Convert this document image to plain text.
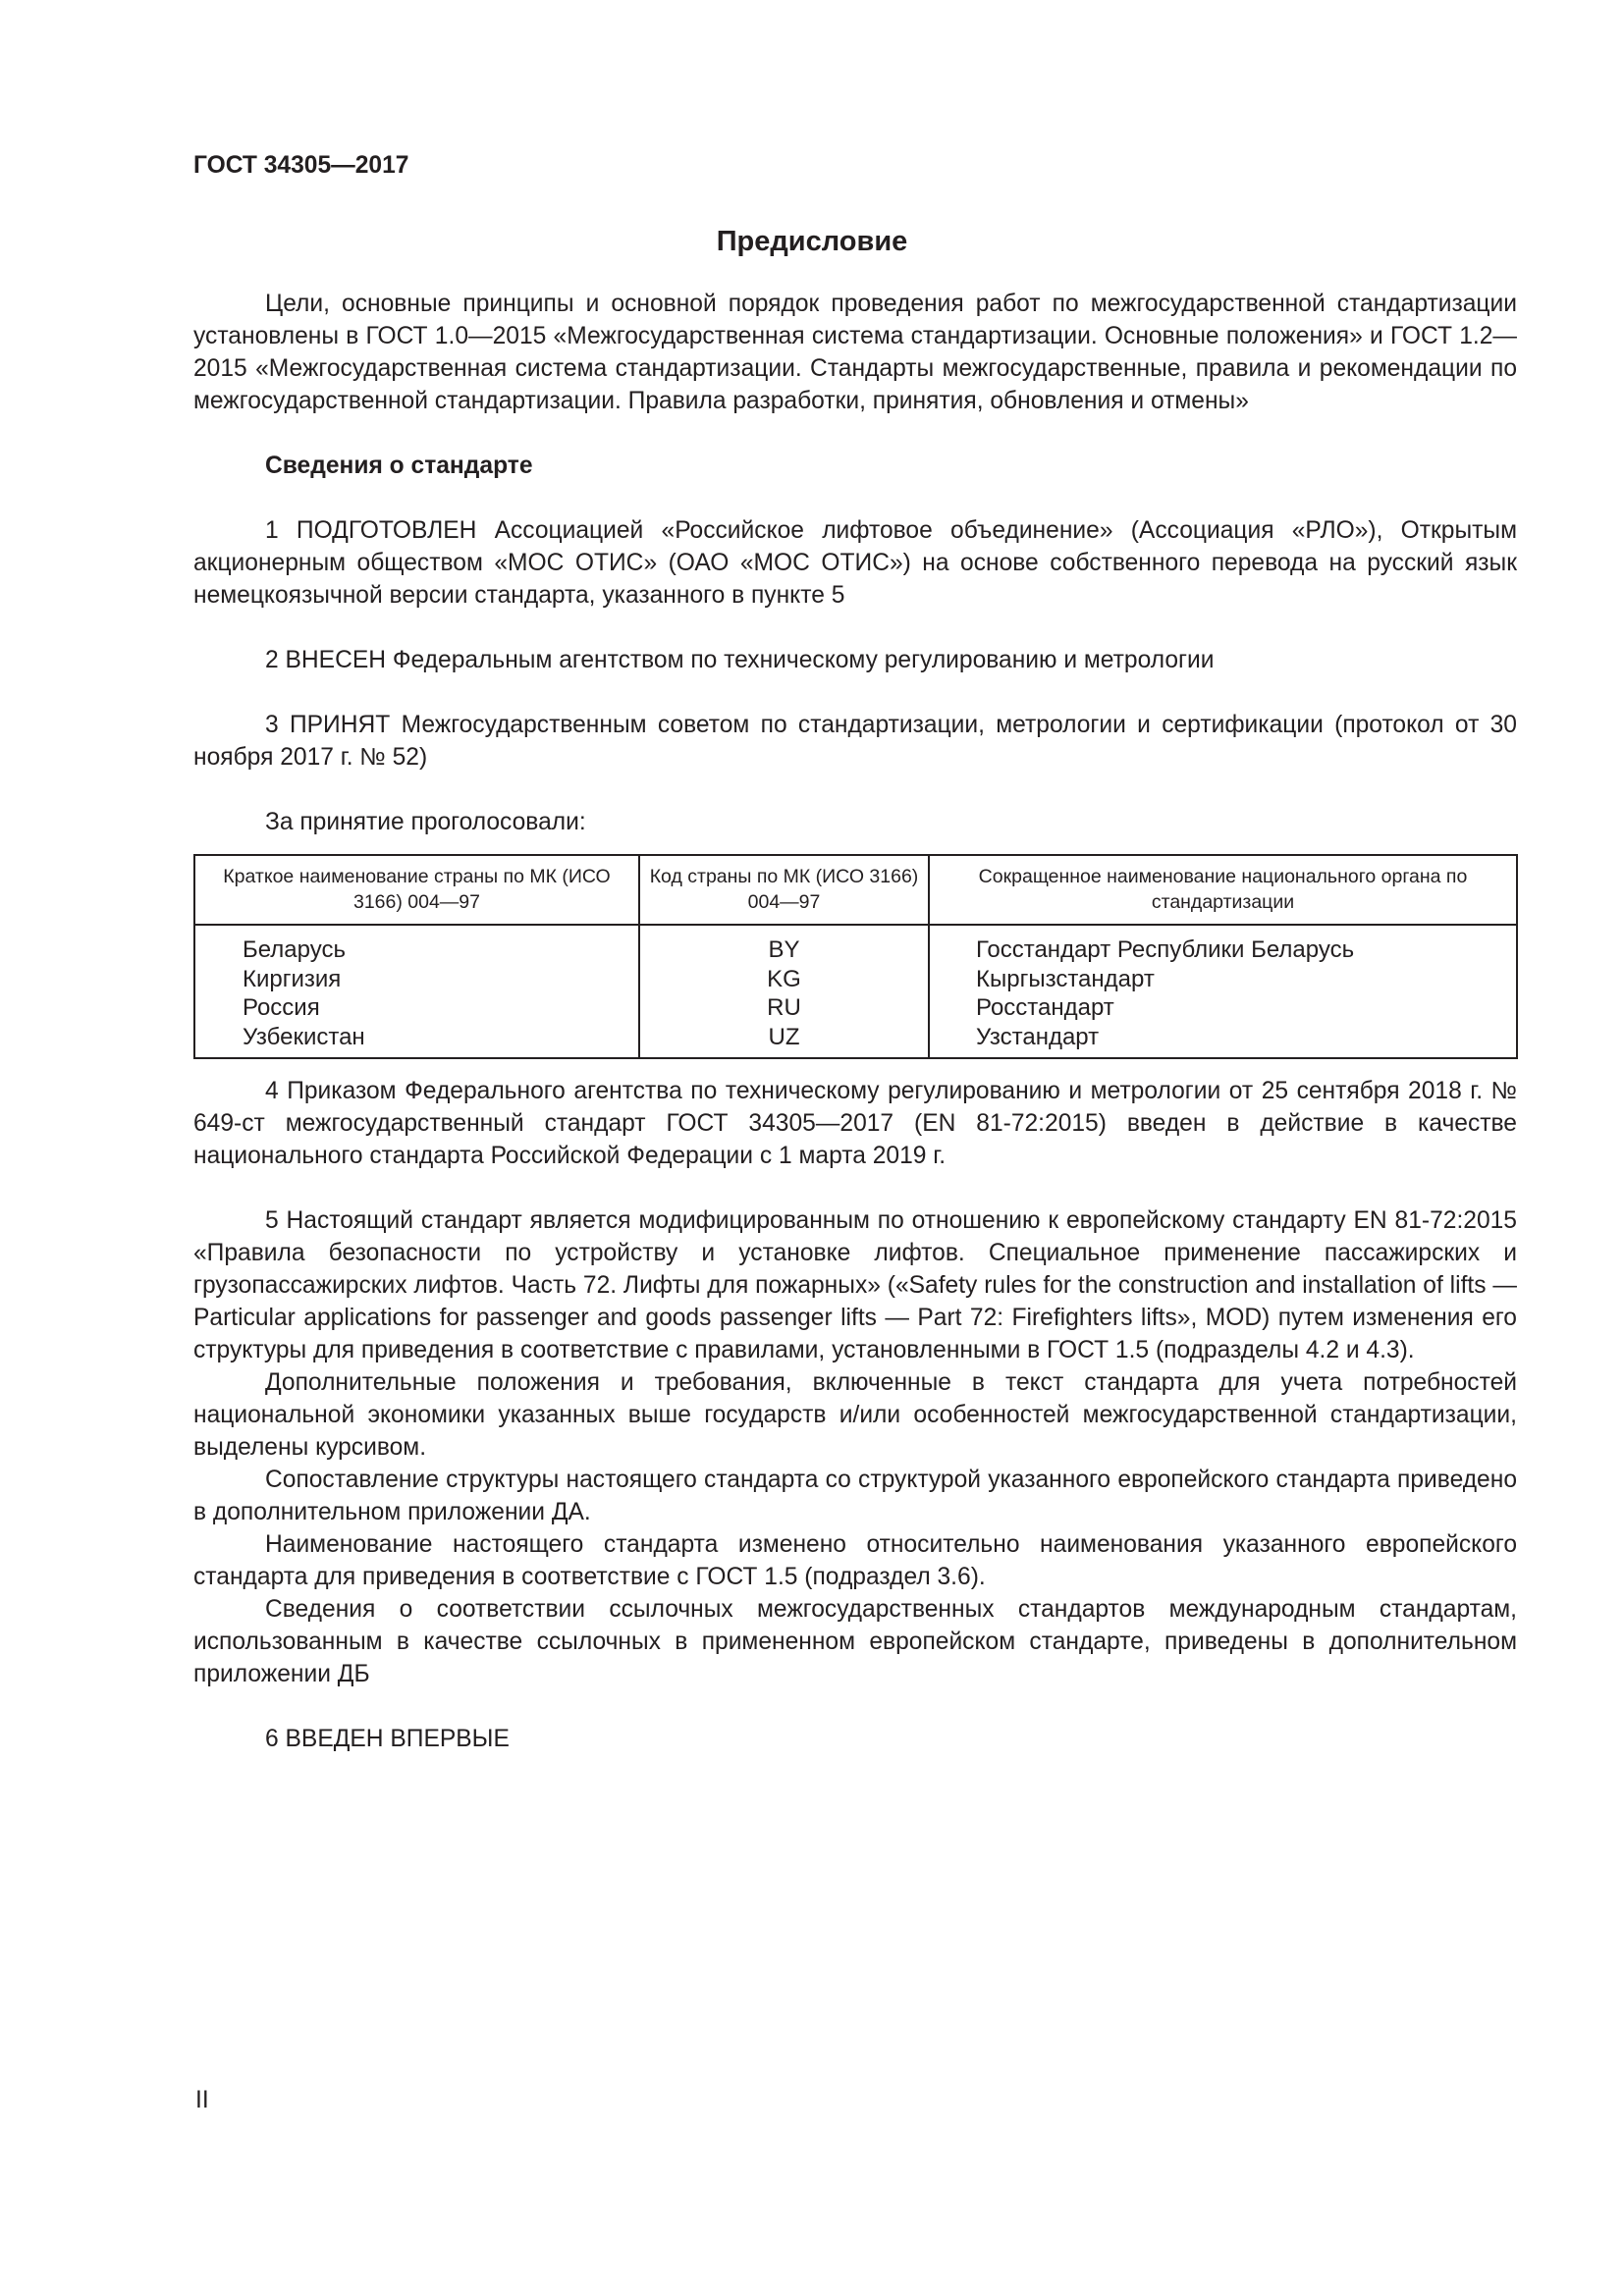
ГОСТ 34305—2017
Предисловие

Цели, основные принципы и основной порядок проведения работ по межгосударственной стандартизации установлены в ГОСТ 1.0—2015 «Межгосударственная система стандартизации. Основные положения» и ГОСТ 1.2—2015 «Межгосударственная система стандартизации. Стандарты межгосударственные, правила и рекомендации по межгосударственной стандартизации. Правила разработки, принятия, обновления и отмены»

Сведения о стандарте

1 ПОДГОТОВЛЕН Ассоциацией «Российское лифтовое объединение» (Ассоциация «РЛО»), Открытым акционерным обществом «МОС ОТИС» (ОАО «МОС ОТИС») на основе собственного перевода на русский язык немецкоязычной версии стандарта, указанного в пункте 5

2 ВНЕСЕН Федеральным агентством по техническому регулированию и метрологии

3 ПРИНЯТ Межгосударственным советом по стандартизации, метрологии и сертификации (протокол от 30 ноября 2017 г. № 52)

За принятие проголосовали:

Краткое наименование страны по МК (ИСО 3166) 004—97	Код страны по МК (ИСО 3166) 004—97	Сокращенное наименование национального органа по стандартизации
Беларусь	BY	Госстандарт Республики Беларусь
Киргизия	KG	Кыргызстандарт
Россия	RU	Росстандарт
Узбекистан	UZ	Узстандарт

4 Приказом Федерального агентства по техническому регулированию и метрологии от 25 сентября 2018 г. № 649-ст межгосударственный стандарт ГОСТ 34305—2017 (EN 81-72:2015) введен в действие в качестве национального стандарта Российской Федерации с 1 марта 2019 г.

5 Настоящий стандарт является модифицированным по отношению к европейскому стандарту EN 81-72:2015 «Правила безопасности по устройству и установке лифтов. Специальное применение пассажирских и грузопассажирских лифтов. Часть 72. Лифты для пожарных» («Safety rules for the construction and installation of lifts — Particular applications for passenger and goods passenger lifts — Part 72: Firefighters lifts», MOD) путем изменения его структуры для приведения в соответствие с правилами, установленными в ГОСТ 1.5 (подразделы 4.2 и 4.3).

Дополнительные положения и требования, включенные в текст стандарта для учета потребностей национальной экономики указанных выше государств и/или особенностей межгосударственной стандартизации, выделены курсивом.

Сопоставление структуры настоящего стандарта со структурой указанного европейского стандарта приведено в дополнительном приложении ДА.

Наименование настоящего стандарта изменено относительно наименования указанного европейского стандарта для приведения в соответствие с ГОСТ 1.5 (подраздел 3.6).

Сведения о соответствии ссылочных межгосударственных стандартов международным стандартам, использованным в качестве ссылочных в примененном европейском стандарте, приведены в дополнительном приложении ДБ

6 ВВЕДЕН ВПЕРВЫЕ

II
